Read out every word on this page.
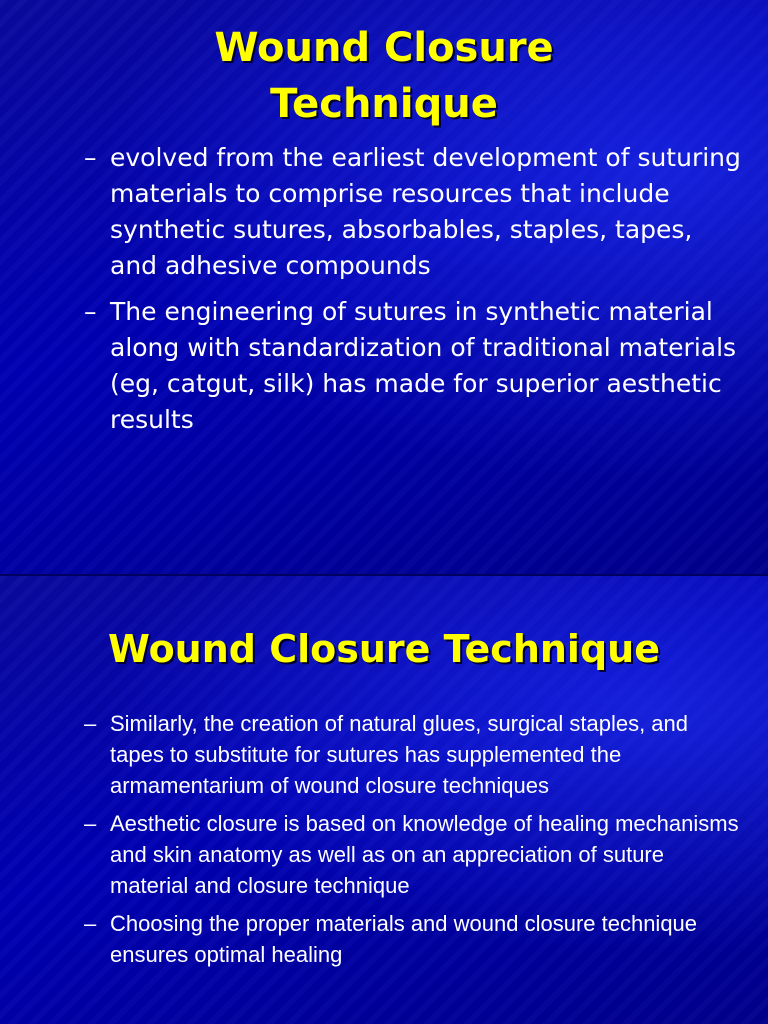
Wound Closure
Technique
– evolved from the earliest development of suturing materials to comprise resources that include synthetic sutures, absorbables, staples, tapes, and adhesive compounds
– The engineering of sutures in synthetic material along with standardization of traditional materials (eg, catgut, silk) has made for superior aesthetic results
Wound Closure Technique
– Similarly, the creation of natural glues, surgical staples, and tapes to substitute for sutures has supplemented the armamentarium of wound closure techniques
– Aesthetic closure is based on knowledge of healing mechanisms and skin anatomy as well as on an appreciation of suture material and closure technique
– Choosing the proper materials and wound closure technique ensures optimal healing
